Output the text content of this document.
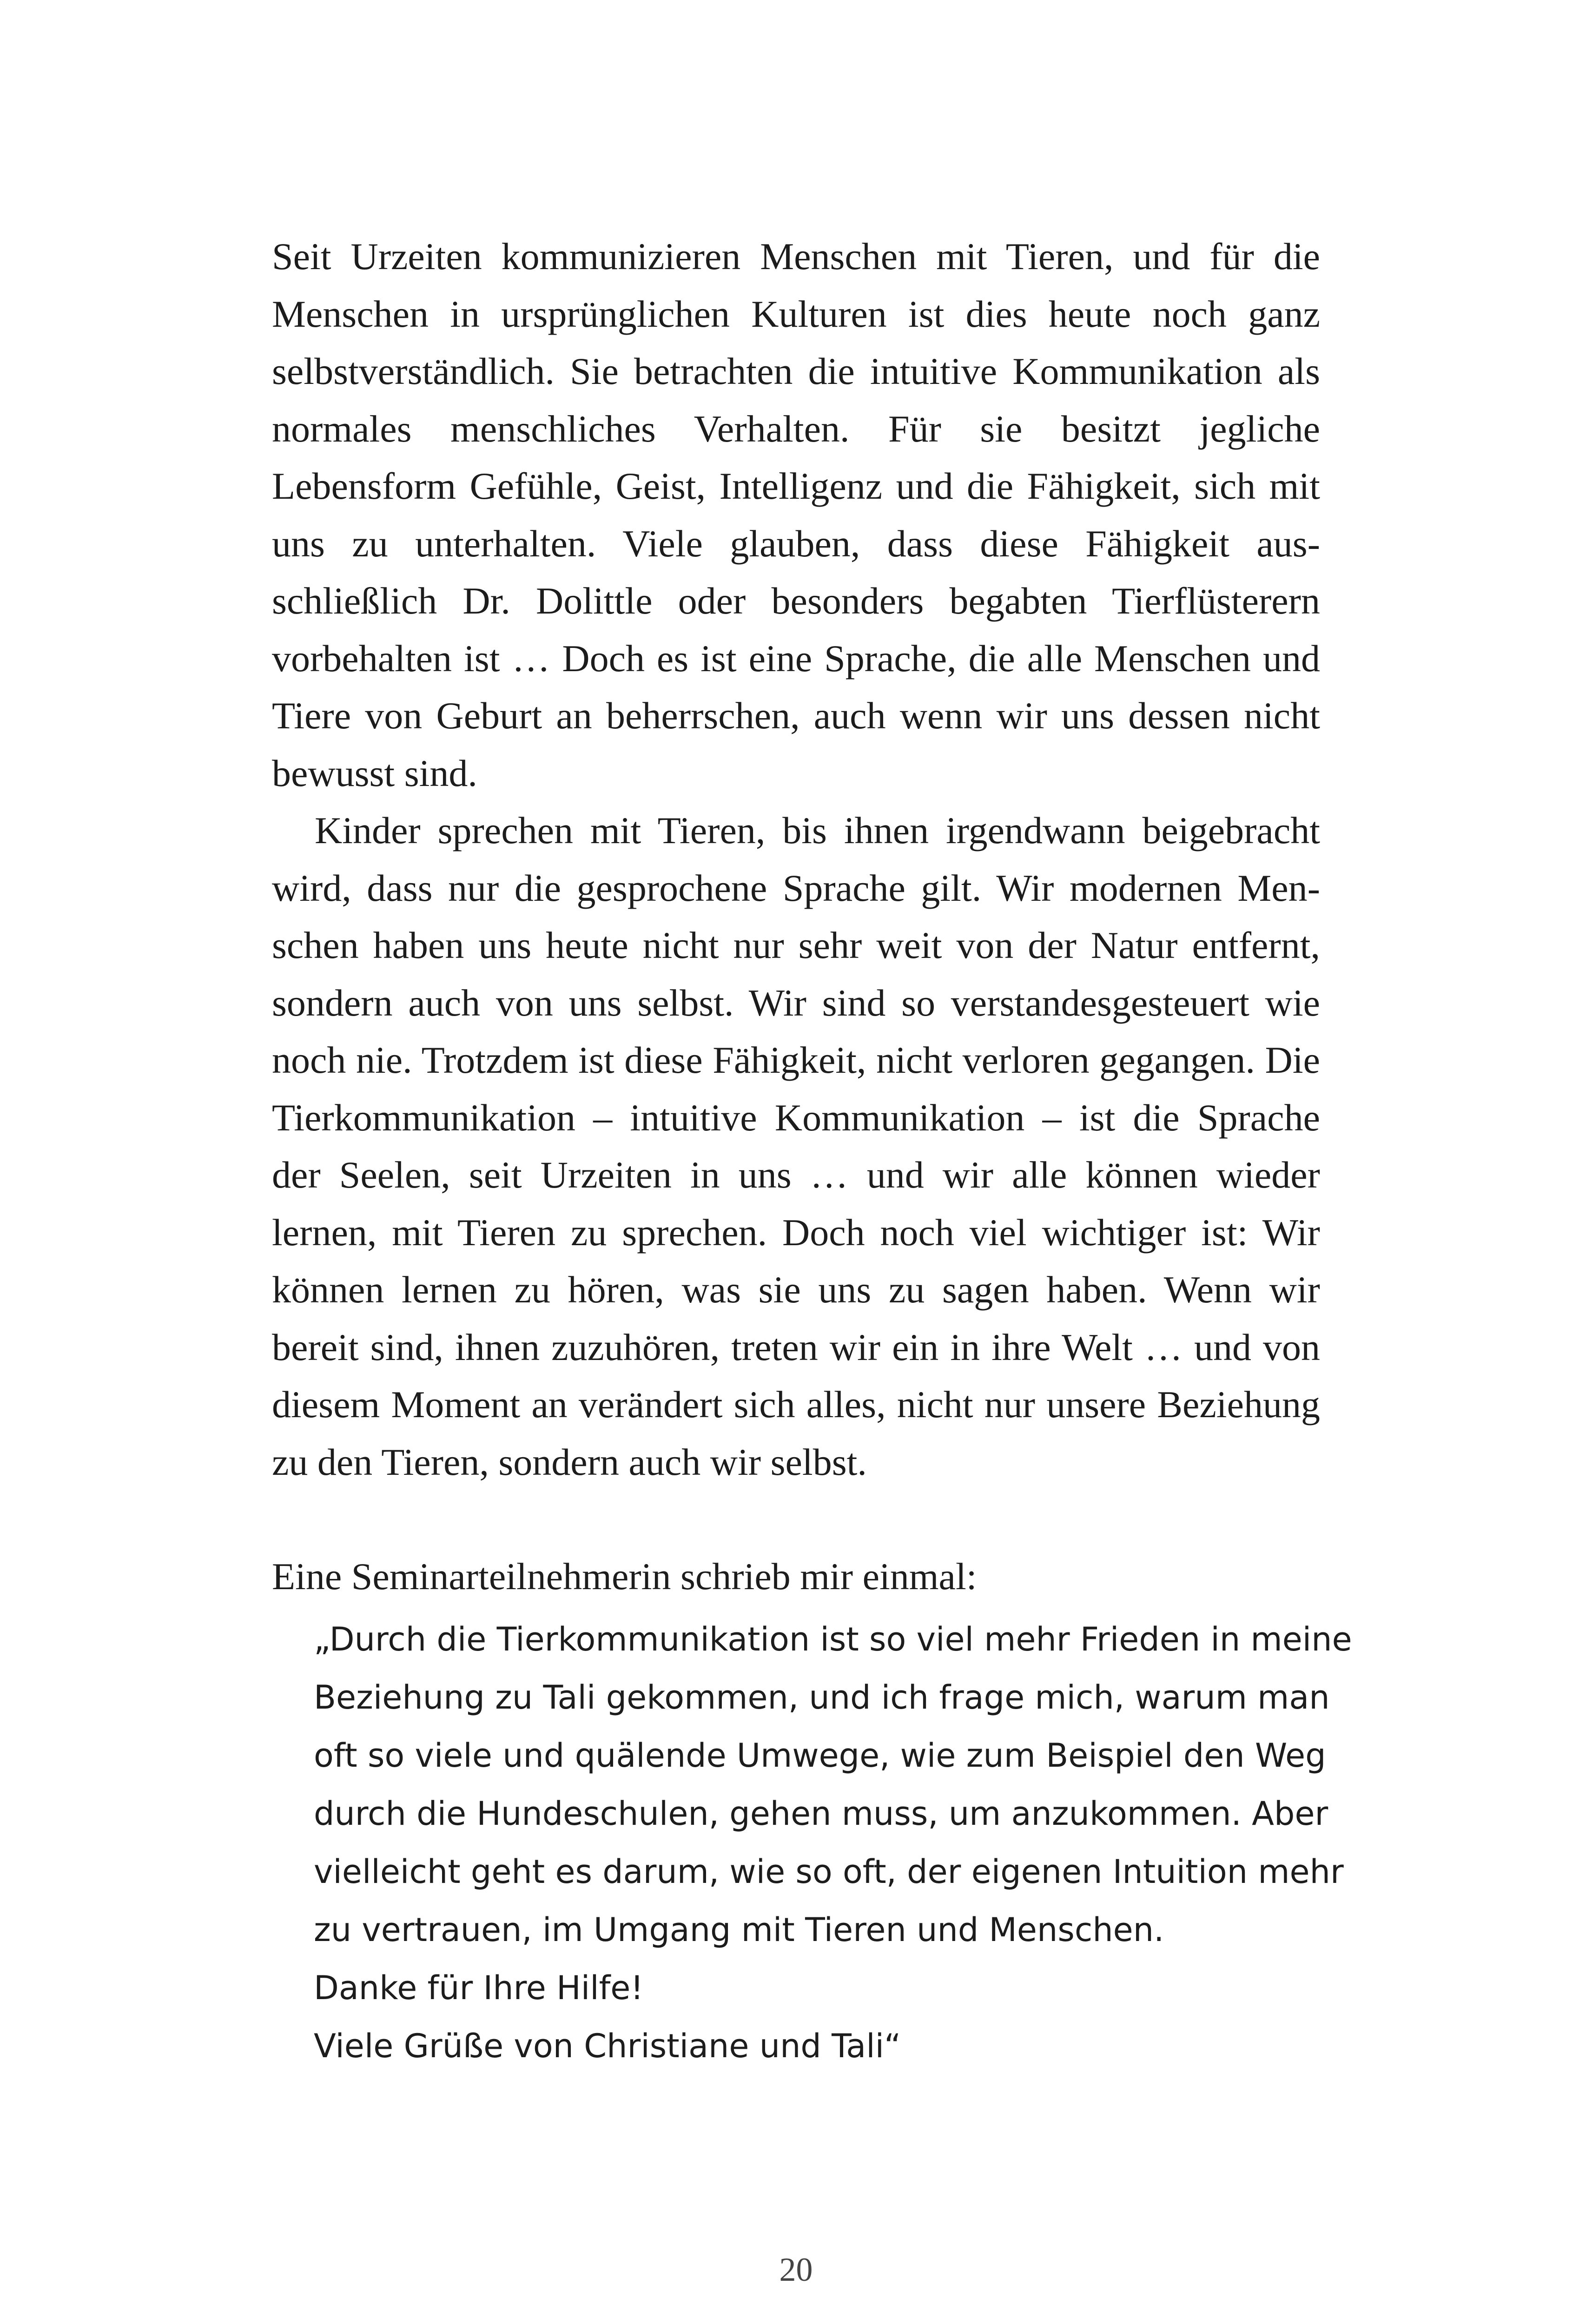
Seit Urzeiten kommunizieren Menschen mit Tieren, und für die Menschen in ursprünglichen Kulturen ist dies heute noch ganz selbstverständlich. Sie betrachten die intuitive Kommunikation als normales menschliches Verhalten. Für sie besitzt jegliche Lebensform Gefühle, Geist, Intelligenz und die Fähigkeit, sich mit uns zu unterhalten. Viele glauben, dass diese Fähigkeit ausschließlich Dr. Dolittle oder besonders begabten Tierflüsterern vorbehalten ist … Doch es ist eine Sprache, die alle Menschen und Tiere von Geburt an beherrschen, auch wenn wir uns dessen nicht bewusst sind.

Kinder sprechen mit Tieren, bis ihnen irgendwann beigebracht wird, dass nur die gesprochene Sprache gilt. Wir modernen Menschen haben uns heute nicht nur sehr weit von der Natur entfernt, sondern auch von uns selbst. Wir sind so verstandesgesteuert wie noch nie. Trotzdem ist diese Fähigkeit, nicht verloren gegangen. Die Tierkommunikation – intuitive Kommunikation – ist die Sprache der Seelen, seit Urzeiten in uns … und wir alle können wieder lernen, mit Tieren zu sprechen. Doch noch viel wichtiger ist: Wir können lernen zu hören, was sie uns zu sagen haben. Wenn wir bereit sind, ihnen zuzuhören, treten wir ein in ihre Welt … und von diesem Moment an verändert sich alles, nicht nur unsere Beziehung zu den Tieren, sondern auch wir selbst.

Eine Seminarteilnehmerin schrieb mir einmal:

„Durch die Tierkommunikation ist so viel mehr Frieden in meine

Beziehung zu Tali gekommen, und ich frage mich, warum man

oft so viele und quälende Umwege, wie zum Beispiel den Weg

durch die Hundeschulen, gehen muss, um anzukommen. Aber

vielleicht geht es darum, wie so oft, der eigenen Intuition mehr

zu vertrauen, im Umgang mit Tieren und Menschen.

Danke für Ihre Hilfe!

Viele Grüße von Christiane und Tali“

20
